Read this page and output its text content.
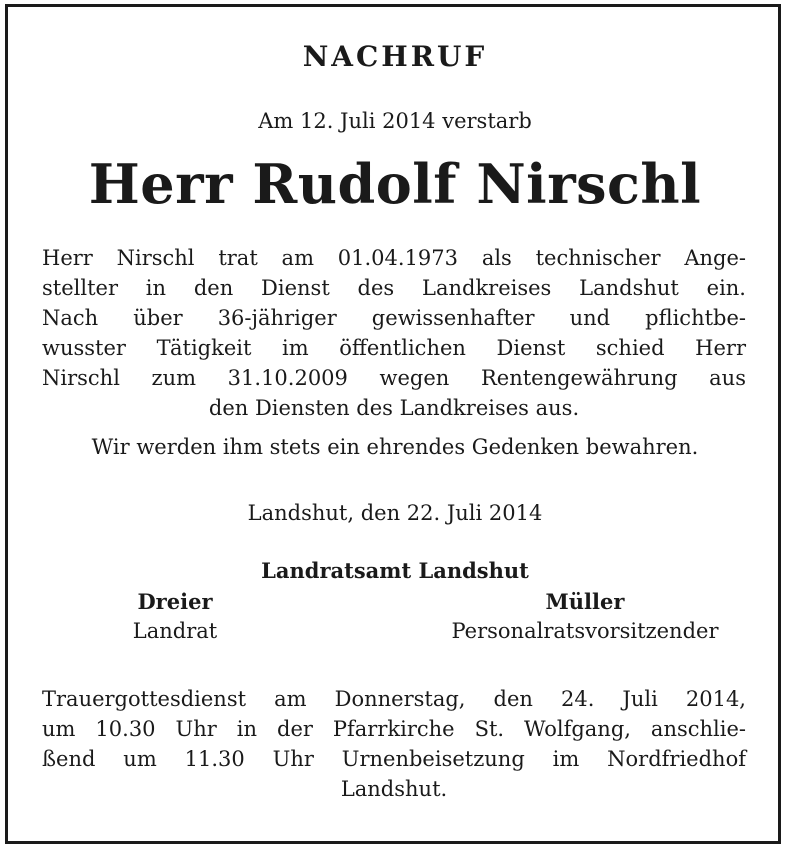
NACHRUF
Am 12. Juli 2014 verstarb
Herr Rudolf Nirschl
Herr Nirschl trat am 01.04.1973 als technischer Ange-
stellter in den Dienst des Landkreises Landshut ein.
Nach über 36-jähriger gewissenhafter und pflichtbe-
wusster Tätigkeit im öffentlichen Dienst schied Herr
Nirschl zum 31.10.2009 wegen Rentengewährung aus
den Diensten des Landkreises aus.
Wir werden ihm stets ein ehrendes Gedenken bewahren.
Landshut, den 22. Juli 2014
Landratsamt Landshut
Dreier	Müller
Landrat	Personalratsvorsitzender
Trauergottesdienst am Donnerstag, den 24. Juli 2014,
um 10.30 Uhr in der Pfarrkirche St. Wolfgang, anschlie-
ßend um 11.30 Uhr Urnenbeisetzung im Nordfriedhof
Landshut.
